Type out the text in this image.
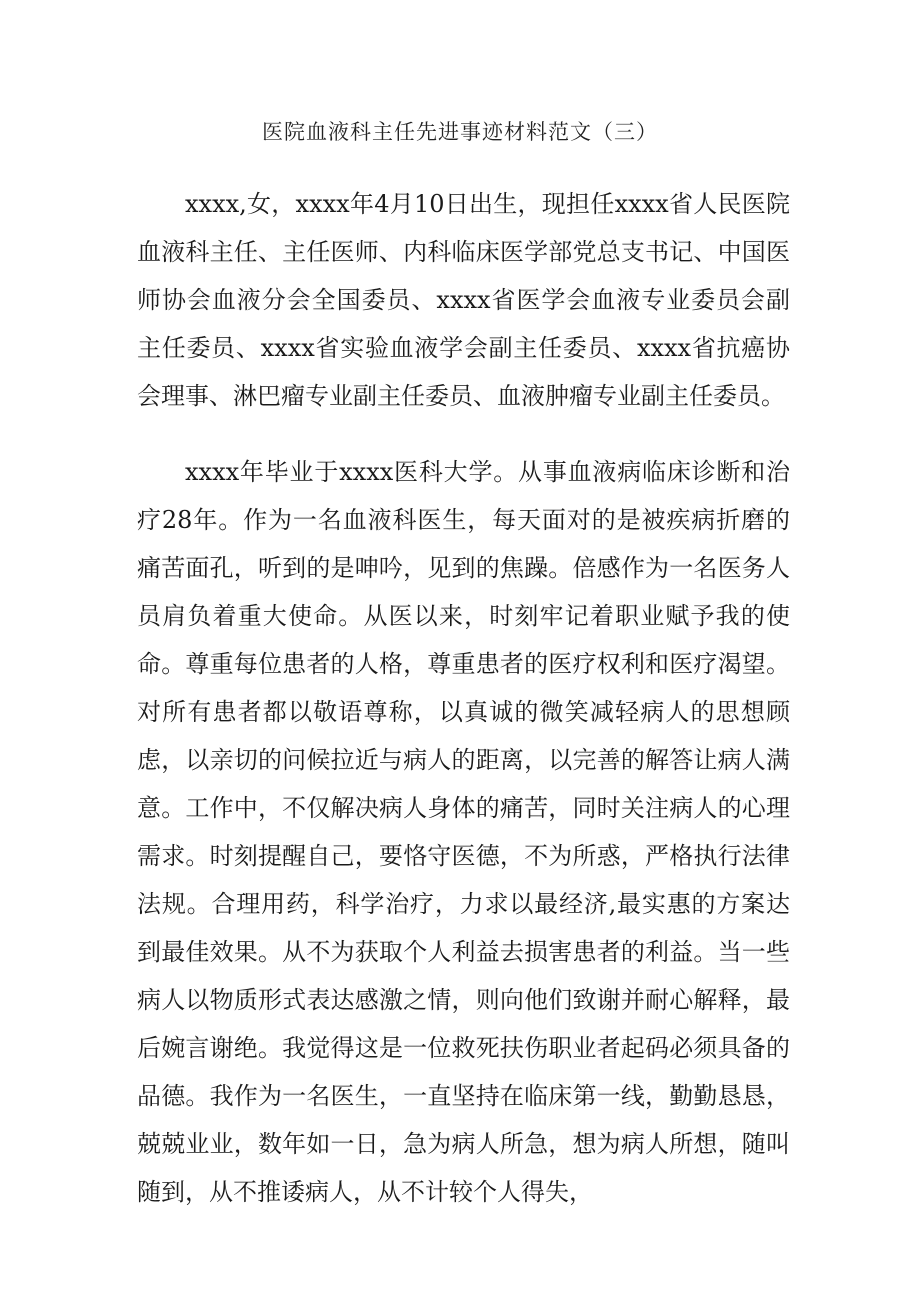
医院血液科主任先进事迹材料范文（三）

xxxx,女，xxxx年4月10日出生，现担任xxxx省人民医院血液科主任、主任医师、内科临床医学部党总支书记、中国医师协会血液分会全国委员、xxxx省医学会血液专业委员会副主任委员、xxxx省实验血液学会副主任委员、xxxx省抗癌协会理事、淋巴瘤专业副主任委员、血液肿瘤专业副主任委员。

xxxx年毕业于xxxx医科大学。从事血液病临床诊断和治疗28年。作为一名血液科医生，每天面对的是被疾病折磨的痛苦面孔，听到的是呻吟，见到的焦躁。倍感作为一名医务人员肩负着重大使命。从医以来，时刻牢记着职业赋予我的使命。尊重每位患者的人格，尊重患者的医疗权利和医疗渴望。对所有患者都以敬语尊称，以真诚的微笑减轻病人的思想顾虑，以亲切的问候拉近与病人的距离，以完善的解答让病人满意。工作中，不仅解决病人身体的痛苦，同时关注病人的心理需求。时刻提醒自己，要恪守医德，不为所惑，严格执行法律法规。合理用药，科学治疗，力求以最经济,最实惠的方案达到最佳效果。从不为获取个人利益去损害患者的利益。当一些病人以物质形式表达感激之情，则向他们致谢并耐心解释，最后婉言谢绝。我觉得这是一位救死扶伤职业者起码必须具备的品德。我作为一名医生，一直坚持在临床第一线，勤勤恳恳，兢兢业业，数年如一日，急为病人所急，想为病人所想，随叫随到，从不推诿病人，从不计较个人得失，
